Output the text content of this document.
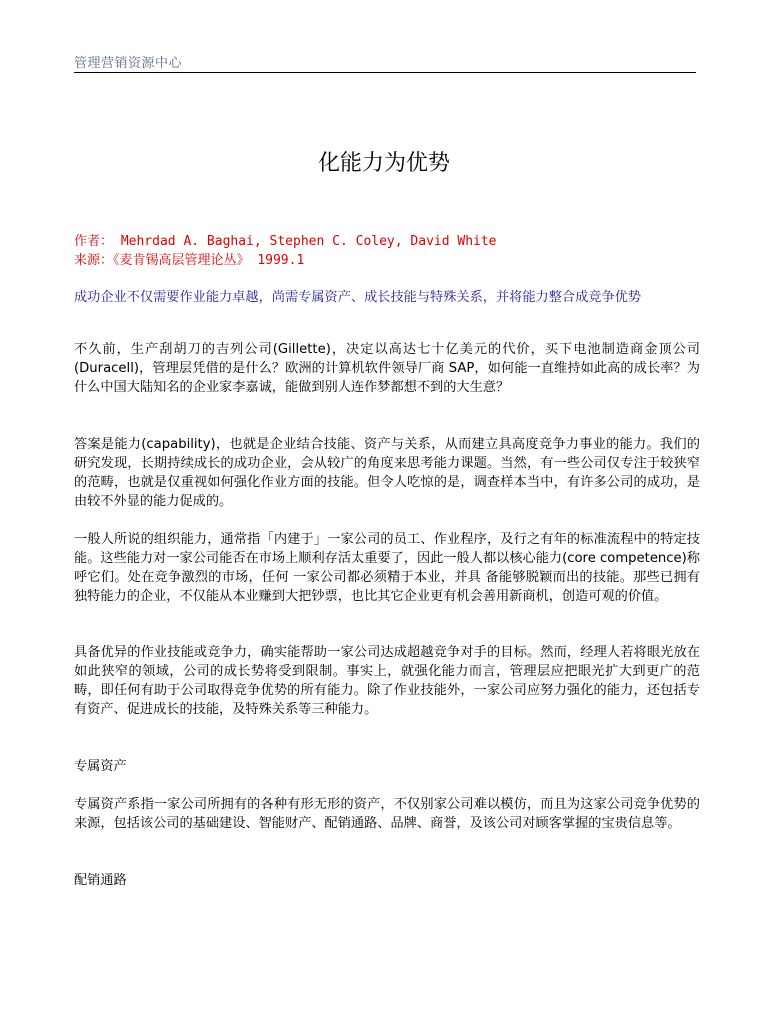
管理营销资源中心
化能力为优势
作者： Mehrdad A. Baghai, Stephen C. Coley, David White
来源：《麦肯锡高层管理论丛》 1999.1
成功企业不仅需要作业能力卓越，尚需专属资产、成长技能与特殊关系，并将能力整合成竞争优势
不久前，生产刮胡刀的吉列公司(Gillette)，决定以高达七十亿美元的代价，买下电池制造商金顶公司(Duracell)，管理层凭借的是什么？欧洲的计算机软件领导厂商 SAP，如何能一直维持如此高的成长率？为什么中国大陆知名的企业家李嘉诚，能做到别人连作梦都想不到的大生意？
答案是能力(capability)，也就是企业结合技能、资产与关系，从而建立具高度竞争力事业的能力。我们的研究发现，长期持续成长的成功企业，会从较广的角度来思考能力课题。当然，有一些公司仅专注于较狭窄的范畴，也就是仅重视如何强化作业方面的技能。但令人吃惊的是，调查样本当中，有许多公司的成功，是由较不外显的能力促成的。
一般人所说的组织能力，通常指「内建于」一家公司的员工、作业程序，及行之有年的标准流程中的特定技能。这些能力对一家公司能否在市场上顺利存活太重要了，因此一般人都以核心能力(core competence)称呼它们。处在竞争激烈的市场，任何 一家公司都必须精于本业，并具 备能够脱颖而出的技能。那些已拥有独特能力的企业，不仅能从本业赚到大把钞票，也比其它企业更有机会善用新商机，创造可观的价值。
具备优异的作业技能或竞争力，确实能帮助一家公司达成超越竞争对手的目标。然而，经理人若将眼光放在如此狭窄的领域，公司的成长势将受到限制。事实上，就强化能力而言，管理层应把眼光扩大到更广的范畴，即任何有助于公司取得竞争优势的所有能力。除了作业技能外，一家公司应努力强化的能力，还包括专有资产、促进成长的技能，及特殊关系等三种能力。
专属资产
专属资产系指一家公司所拥有的各种有形无形的资产，不仅别家公司难以模仿，而且为这家公司竞争优势的来源，包括该公司的基础建设、智能财产、配销通路、品牌、商誉，及该公司对顾客掌握的宝贵信息等。
配销通路
